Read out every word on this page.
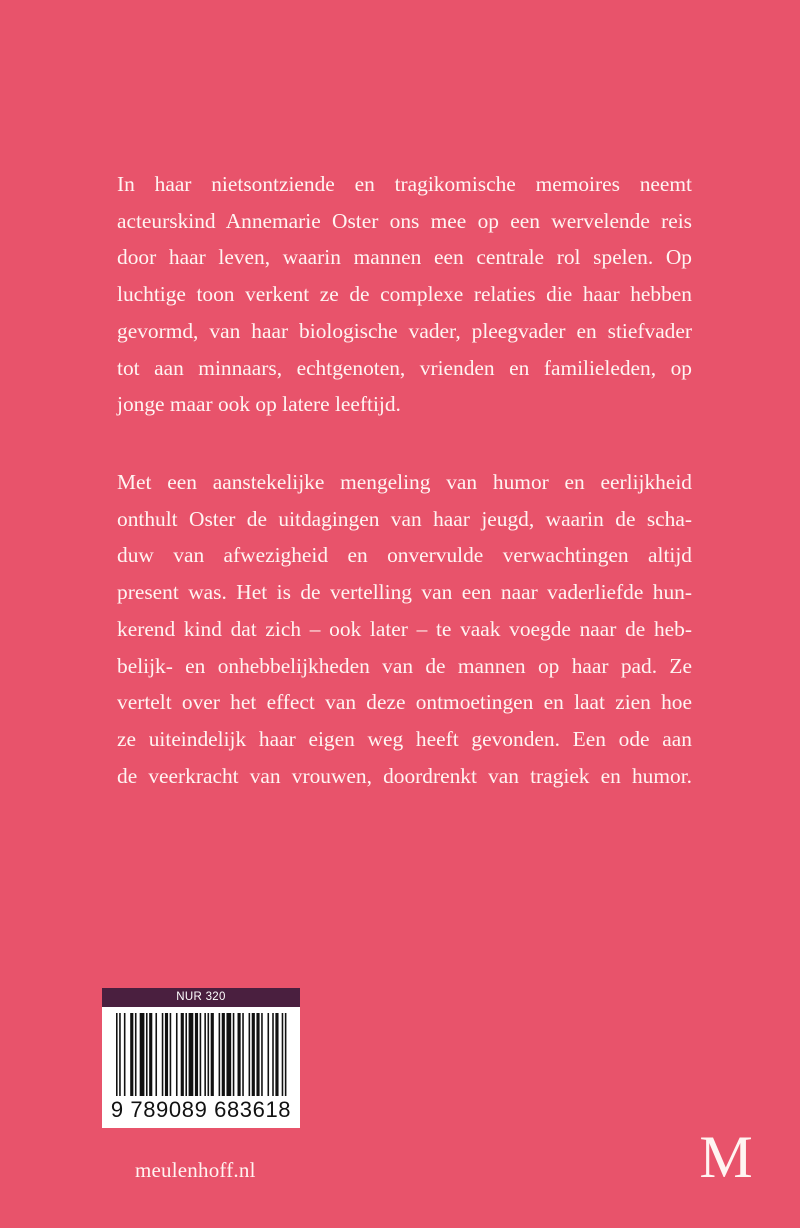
In haar nietsontziende en tragikomische memoires neemt
acteurskind Annemarie Oster ons mee op een wervelende reis
door haar leven, waarin mannen een centrale rol spelen. Op
luchtige toon verkent ze de complexe relaties die haar hebben
gevormd, van haar biologische vader, pleegvader en stiefvader
tot aan minnaars, echtgenoten, vrienden en familieleden, op
jonge maar ook op latere leeftijd.

Met een aanstekelijke mengeling van humor en eerlijkheid
onthult Oster de uitdagingen van haar jeugd, waarin de scha-
duw van afwezigheid en onvervulde verwachtingen altijd
present was. Het is de vertelling van een naar vaderliefde hun-
kerend kind dat zich – ook later – te vaak voegde naar de heb-
belijk- en onhebbelijkheden van de mannen op haar pad. Ze
vertelt over het effect van deze ontmoetingen en laat zien hoe
ze uiteindelijk haar eigen weg heeft gevonden. Een ode aan
de veerkracht van vrouwen, doordrenkt van tragiek en humor.

NUR 320
9 789089 683618
meulenhoff.nl	M
